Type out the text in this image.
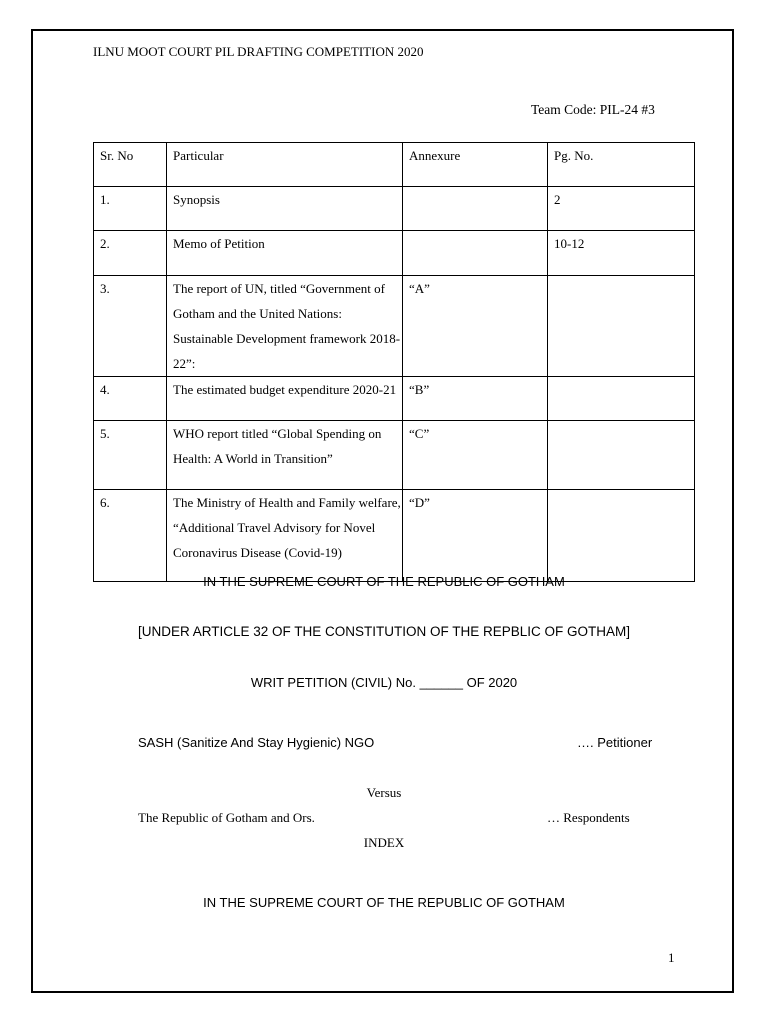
ILNU MOOT COURT PIL DRAFTING COMPETITION 2020
Team Code: PIL-24 #3
Sr. No	Particular	Annexure	Pg. No.
1.	Synopsis		2
2.	Memo of Petition		10-12
3.	The report of UN, titled “Government of Gotham and the United Nations: Sustainable Development framework 2018-22”:	“A”	
4.	The estimated budget expenditure 2020-21	“B”	
5.	WHO report titled “Global Spending on Health: A World in Transition”	“C”	
6.	The Ministry of Health and Family welfare, “Additional Travel Advisory for Novel Coronavirus Disease (Covid-19)	“D”	
IN THE SUPREME COURT OF THE REPUBLIC OF GOTHAM
[UNDER ARTICLE 32 OF THE CONSTITUTION OF THE REPBLIC OF GOTHAM]
WRIT PETITION (CIVIL) No. ______ OF 2020
SASH (Sanitize And Stay Hygienic) NGO	…. Petitioner
Versus
The Republic of Gotham and Ors.	… Respondents
INDEX
IN THE SUPREME COURT OF THE REPUBLIC OF GOTHAM
1
